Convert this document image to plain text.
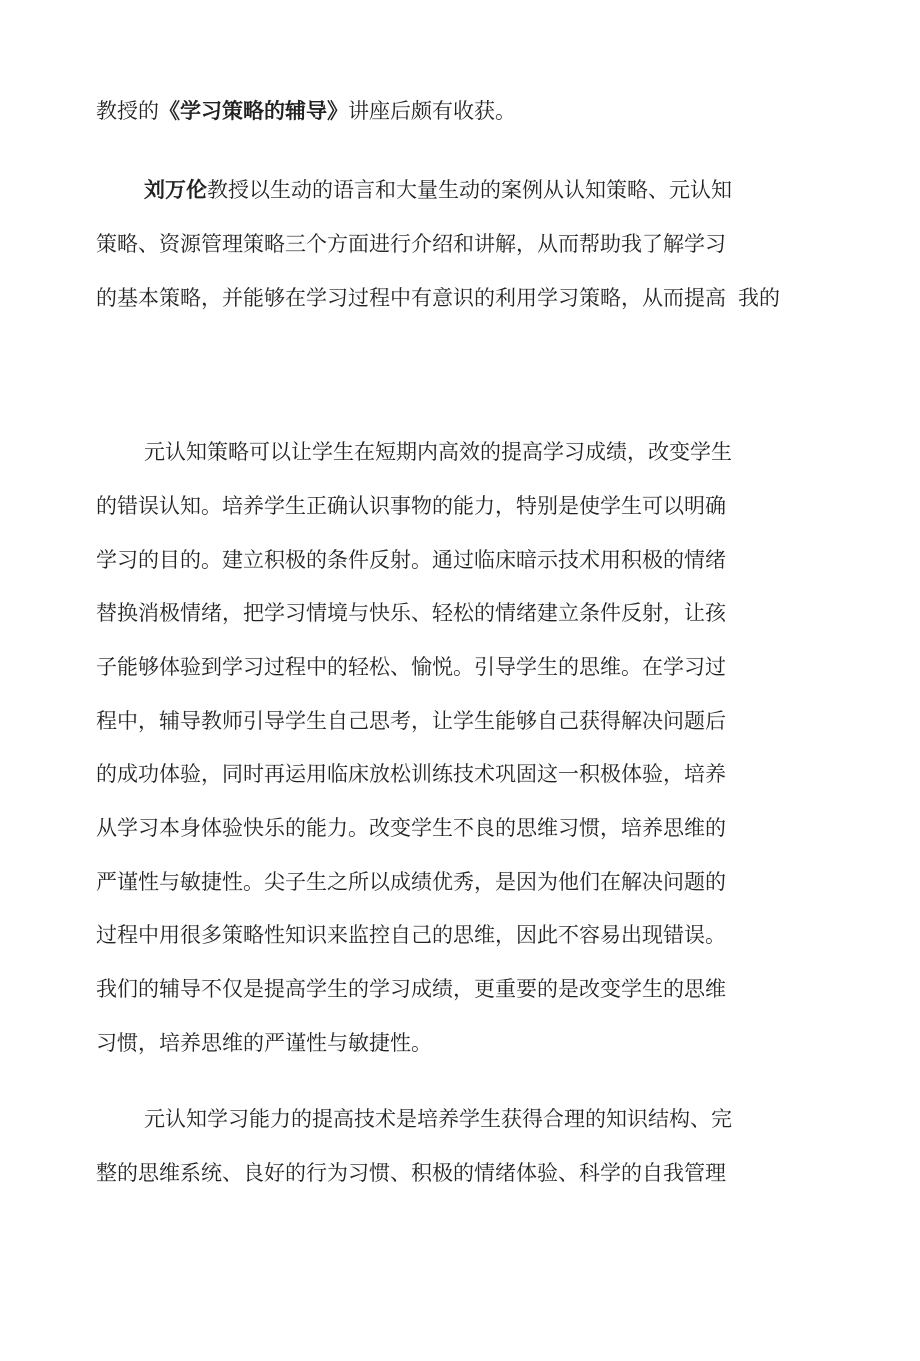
教授的《学习策略的辅导》讲座后颇有收获。

刘万伦教授以生动的语言和大量生动的案例从认知策略、元认知

策略、资源管理策略三个方面进行介绍和讲解，从而帮助我了解学习

的基本策略，并能够在学习过程中有意识的利用学习策略，从而提高 我的

元认知策略可以让学生在短期内高效的提高学习成绩，改变学生

的错误认知。培养学生正确认识事物的能力，特别是使学生可以明确

学习的目的。建立积极的条件反射。通过临床暗示技术用积极的情绪

替换消极情绪，把学习情境与快乐、轻松的情绪建立条件反射，让孩

子能够体验到学习过程中的轻松、愉悦。引导学生的思维。在学习过

程中，辅导教师引导学生自己思考，让学生能够自己获得解决问题后

的成功体验，同时再运用临床放松训练技术巩固这一积极体验，培养

从学习本身体验快乐的能力。改变学生不良的思维习惯，培养思维的

严谨性与敏捷性。尖子生之所以成绩优秀，是因为他们在解决问题的

过程中用很多策略性知识来监控自己的思维，因此不容易出现错误。

我们的辅导不仅是提高学生的学习成绩，更重要的是改变学生的思维

习惯，培养思维的严谨性与敏捷性。

元认知学习能力的提高技术是培养学生获得合理的知识结构、完

整的思维系统、良好的行为习惯、积极的情绪体验、科学的自我管理
